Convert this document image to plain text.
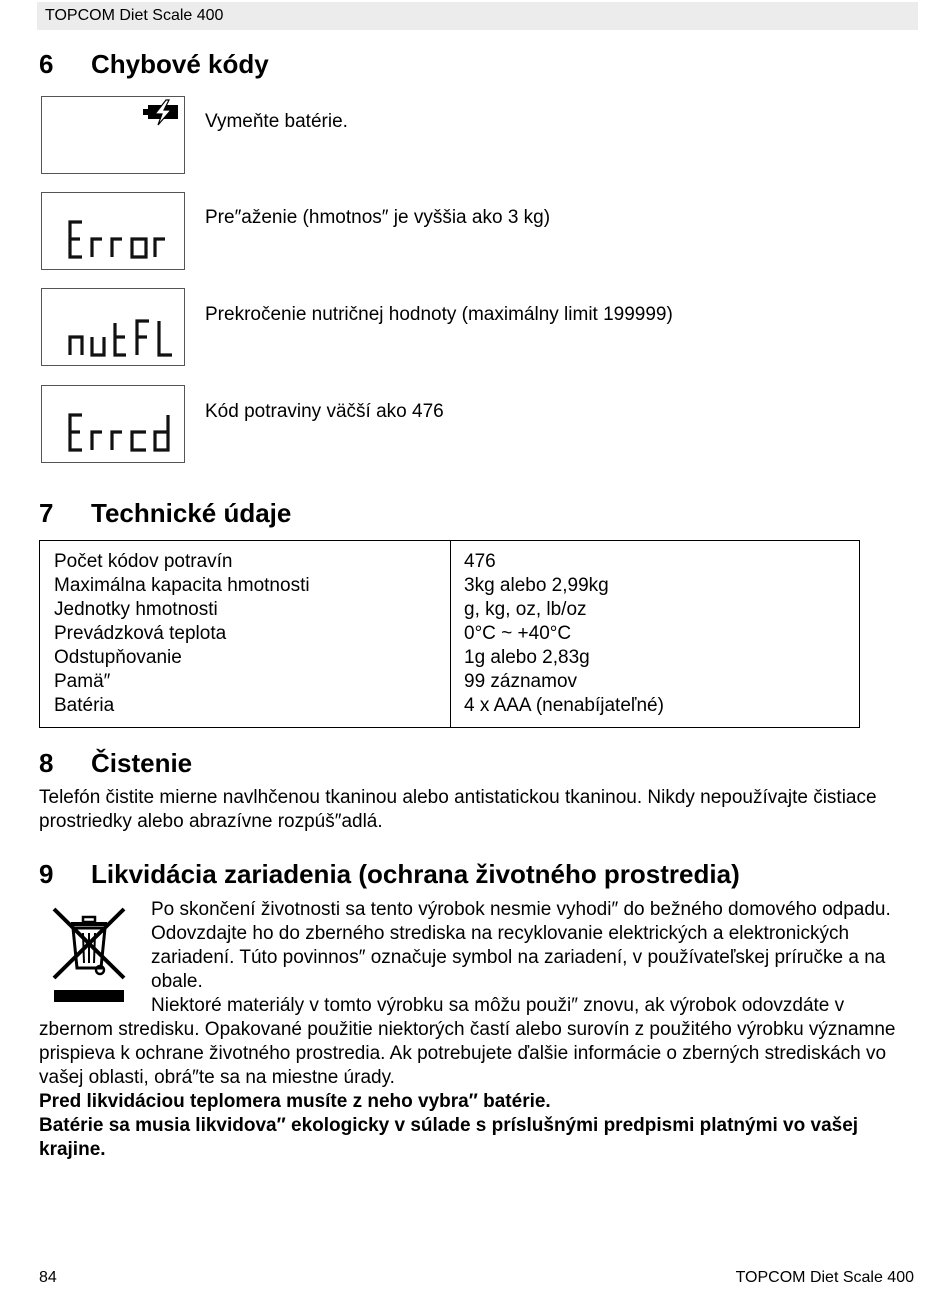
TOPCOM Diet Scale 400
6 Chybové kódy
Vymeňte batérie.
Pre″aženie (hmotnos″ je vyššia ako 3 kg)
Prekročenie nutričnej hodnoty (maximálny limit 199999)
Kód potraviny väčší ako 476
7 Technické údaje
Počet kódov potravín
Maximálna kapacita hmotnosti
Jednotky hmotnosti
Prevádzková teplota
Odstupňovanie
Pamä″
Batéria
476
3kg alebo 2,99kg
g, kg, oz, lb/oz
0°C ~ +40°C
1g alebo 2,83g
99 záznamov
4 x AAA (nenabíjateľné)
8 Čistenie
Telefón čistite mierne navlhčenou tkaninou alebo antistatickou tkaninou. Nikdy nepoužívajte čistiace
prostriedky alebo abrazívne rozpúš″adlá.
9 Likvidácia zariadenia (ochrana životného prostredia)
Po skončení životnosti sa tento výrobok nesmie vyhodi″ do bežného domového odpadu.
Odovzdajte ho do zberného strediska na recyklovanie elektrických a elektronických
zariadení. Túto povinnos″ označuje symbol na zariadení, v používateľskej príručke a na
obale.
Niektoré materiály v tomto výrobku sa môžu použi″ znovu, ak výrobok odovzdáte v
zbernom stredisku. Opakované použitie niektorých častí alebo surovín z použitého výrobku významne
prispieva k ochrane životného prostredia. Ak potrebujete ďalšie informácie o zberných strediskách vo
vašej oblasti, obrá″te sa na miestne úrady.
Pred likvidáciou teplomera musíte z neho vybra″ batérie.
Batérie sa musia likvidova″ ekologicky v súlade s príslušnými predpismi platnými vo vašej
krajine.
84	TOPCOM Diet Scale 400
